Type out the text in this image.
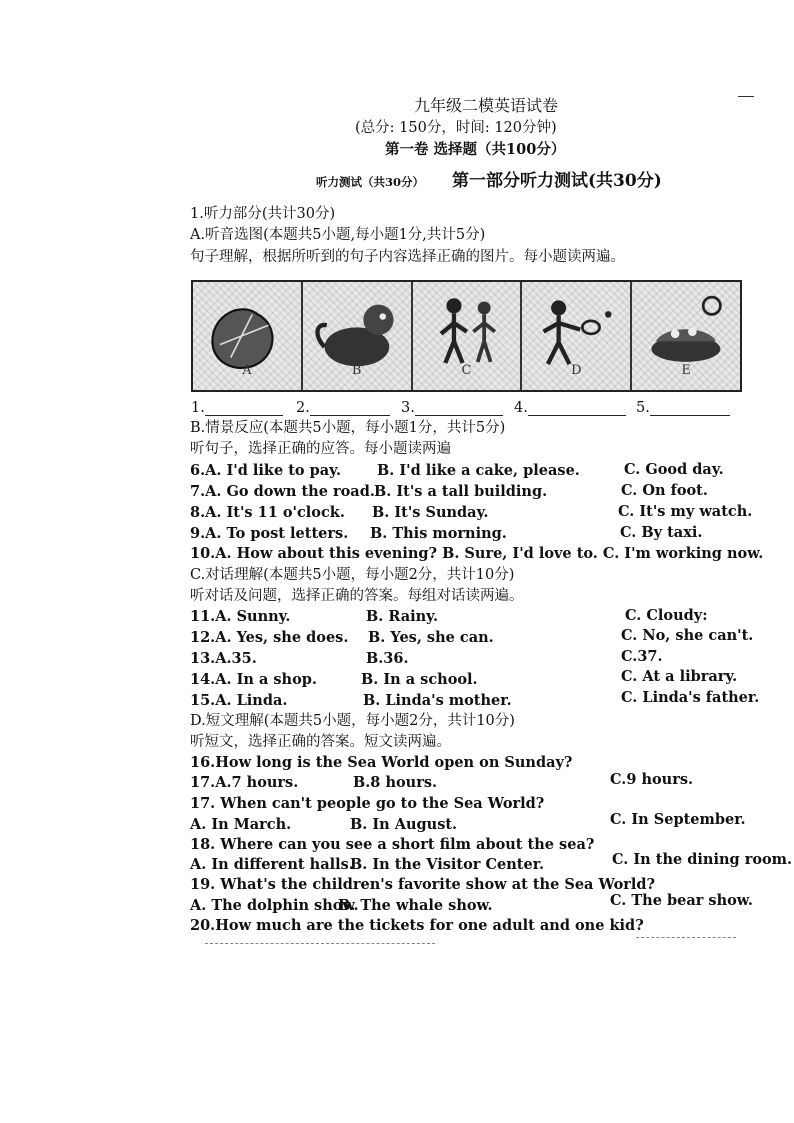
九年级二模英语试卷
(总分: 150分，时间: 120分钟)
第一卷 选择题（共100分）
听力测试（共30分） 第一部分听力测试(共30分)
1.听力部分(共计30分)
A.听音选图(本题共5小题,每小题1分,共计5分)
句子理解，根据所听到的句子内容选择正确的图片。每小题读两遍。
A	B	C	D	E
1.	2.	3.	4.	5.
B.情景反应(本题共5小题，每小题1分，共计5分)
听句子，选择正确的应答。每小题读两遍
6.A. I'd like to pay. B. I'd like a cake, please.	C. Good day.
7.A. Go down the road. B. It's a tall building.	C. On foot.
8.A. It's 11 o'clock. B. It's Sunday.	C. It's my watch.
9.A. To post letters. B. This morning.	C. By taxi.
10.A. How about this evening? B. Sure, I'd love to. C. I'm working now.
C.对话理解(本题共5小题，每小题2分，共计10分)
听对话及问题，选择正确的答案。每组对话读两遍。
11.A. Sunny.	B. Rainy.	C. Cloudy:
12.A. Yes, she does. B. Yes, she can.	C. No, she can't.
13.A.35.	B.36.	C.37.
14.A. In a shop.	B. In a school.	C. At a library.
15.A. Linda.	B. Linda's mother.	C. Linda's father.
D.短文理解(本题共5小题，每小题2分，共计10分)
听短文，选择正确的答案。短文读两遍。
16.How long is the Sea World open on Sunday?
17.A.7 hours.	B.8 hours.	C.9 hours.
17. When can't people go to the Sea World?
A. In March.	B. In August.	C. In September.
18. Where can you see a short film about the sea?
A. In different halls.
B. In the Visitor Center.	C. In the dining room.
19. What's the children's favorite show at the Sea World?
A. The dolphin show.
B. The whale show.	C. The bear show.
20.How much are the tickets for one adult and one kid?
